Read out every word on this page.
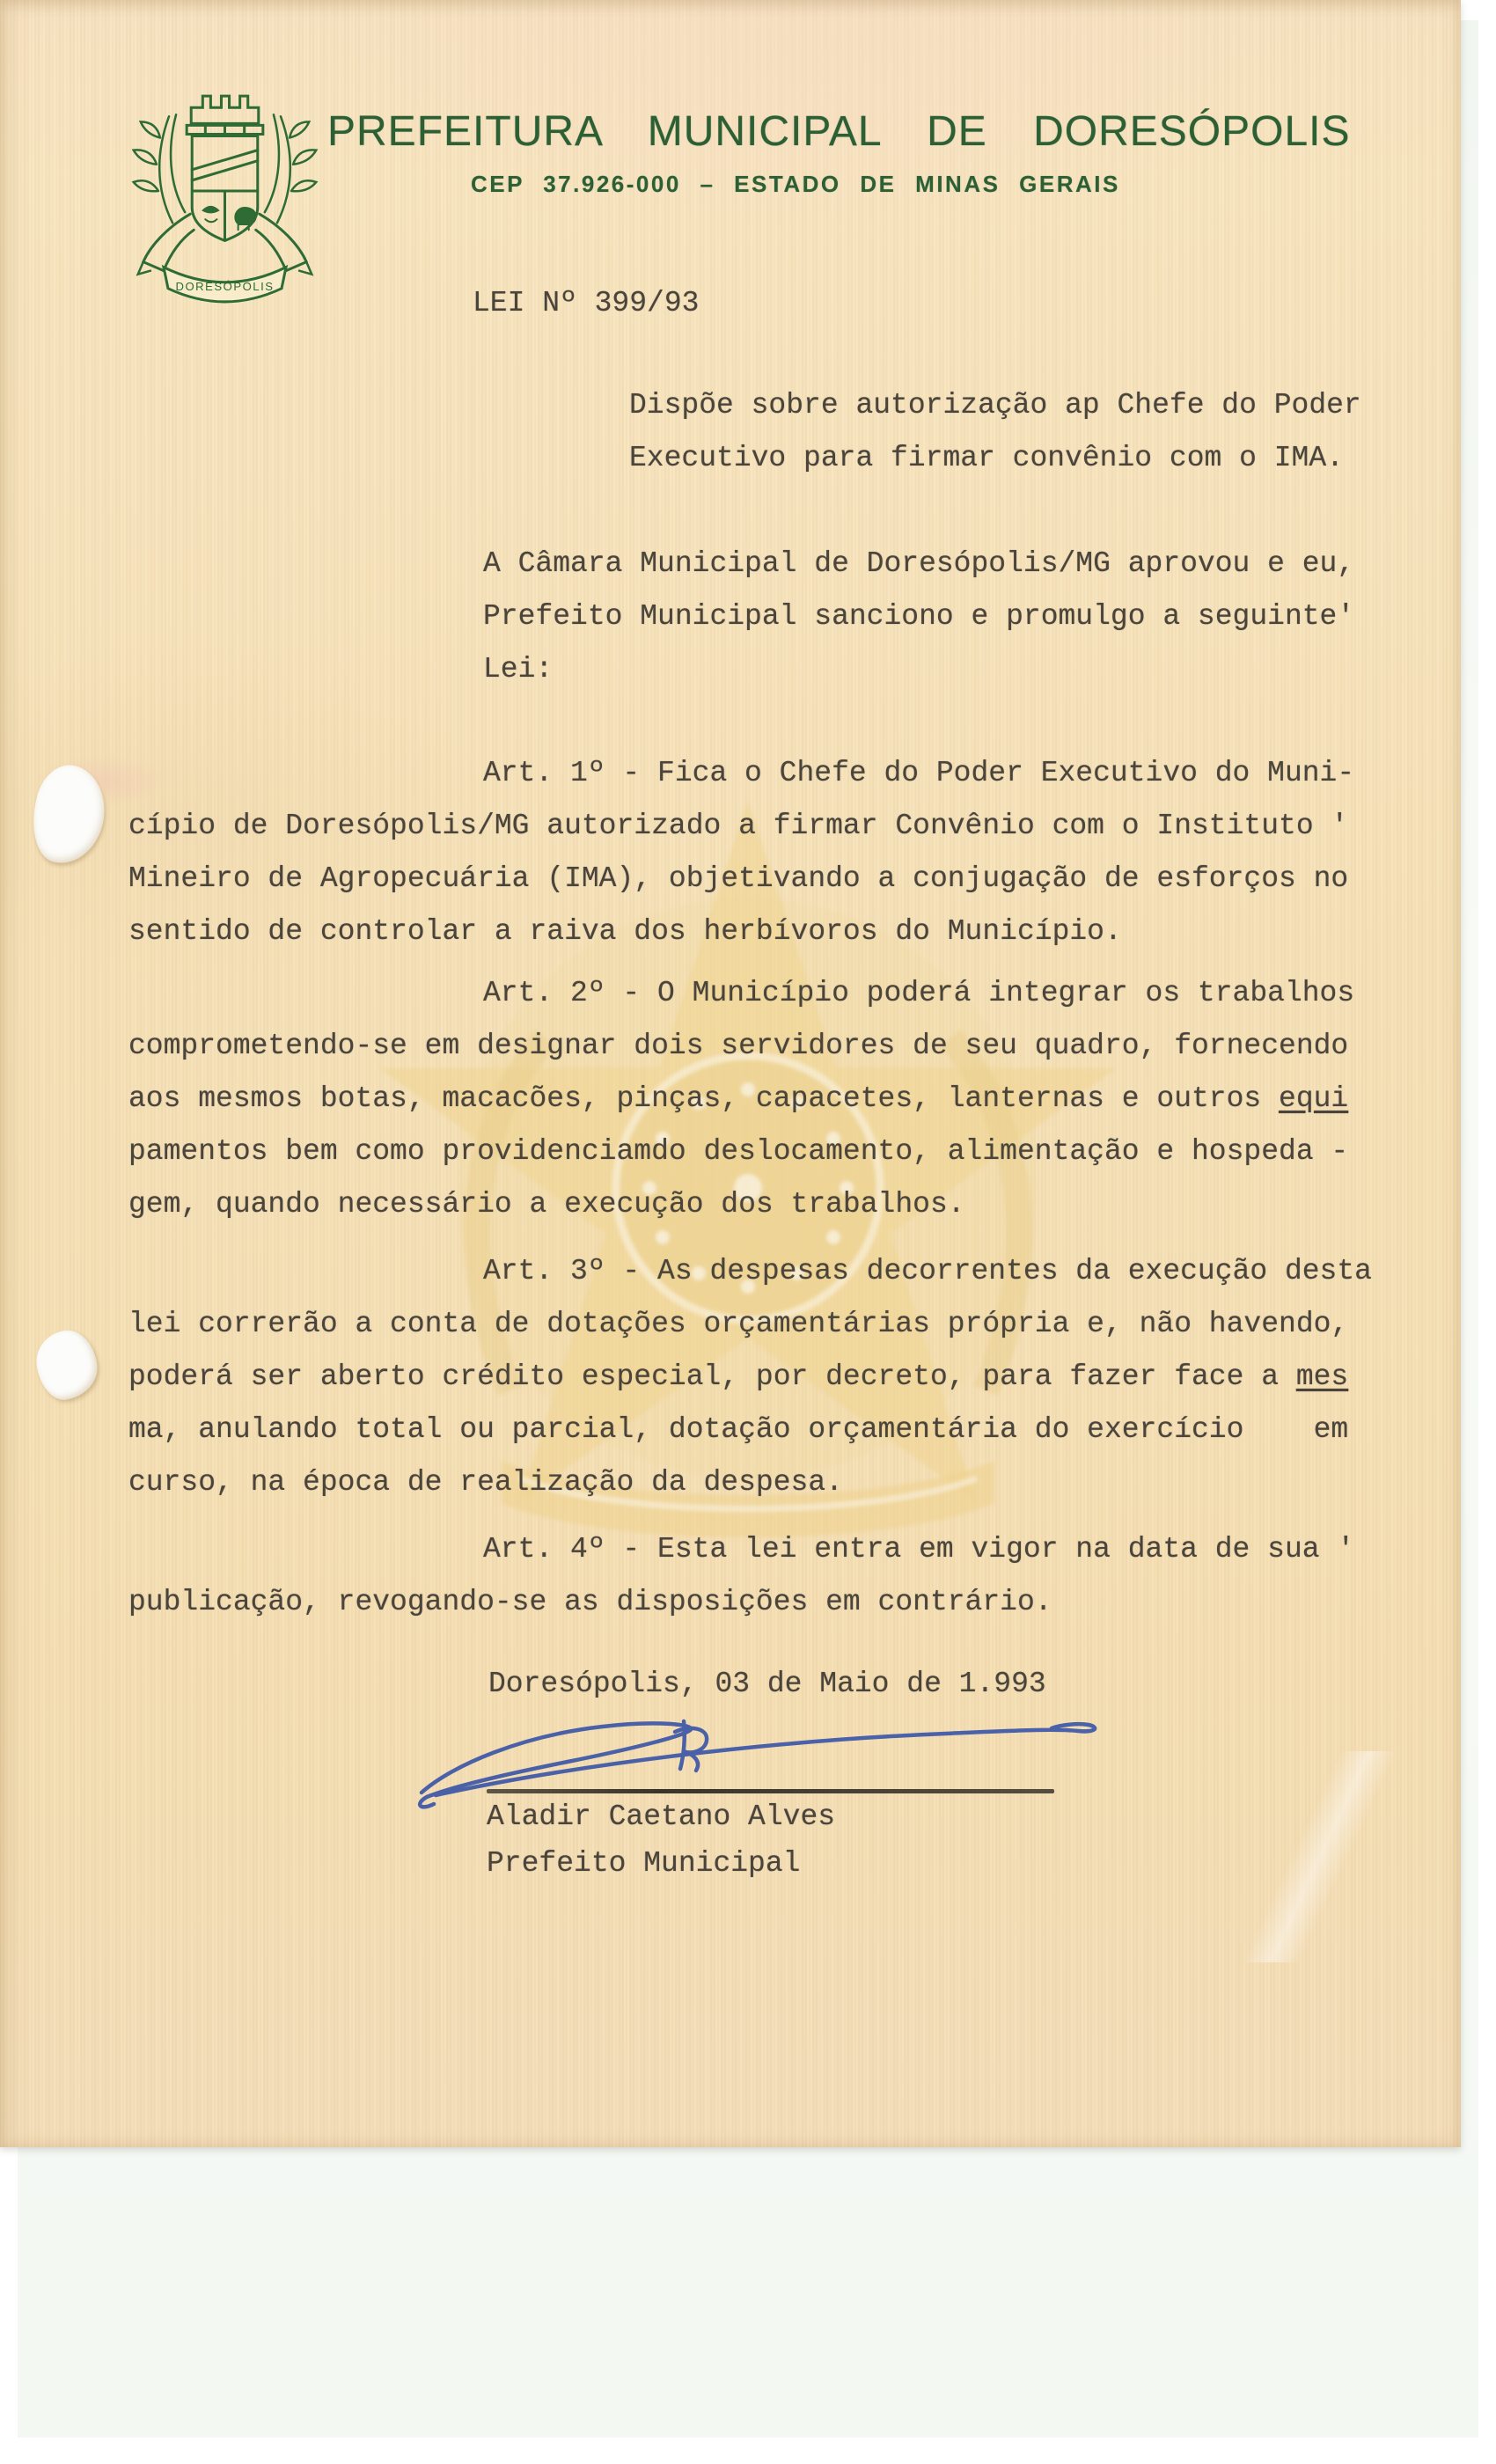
DORESÓPOLIS
PREFEITURA MUNICIPAL DE DORESÓPOLIS
CEP 37.926-000 – ESTADO DE MINAS GERAIS
LEI Nº 399/93
Dispõe sobre autorização ap Chefe do Poder
Executivo para firmar convênio com o IMA.
A Câmara Municipal de Doresópolis/MG aprovou e eu,
Prefeito Municipal sanciono e promulgo a seguinte'
Lei:
Art. 1º - Fica o Chefe do Poder Executivo do Muni-
cípio de Doresópolis/MG autorizado a firmar Convênio com o Instituto '
Mineiro de Agropecuária (IMA), objetivando a conjugação de esforços no
sentido de controlar a raiva dos herbívoros do Município.
Art. 2º - O Município poderá integrar os trabalhos
comprometendo-se em designar dois servidores de seu quadro, fornecendo
aos mesmos botas, macacões, pinças, capacetes, lanternas e outros equi
pamentos bem como providenciamdo deslocamento, alimentação e hospeda -
gem, quando necessário a execução dos trabalhos.
Art. 3º - As despesas decorrentes da execução desta
lei correrão a conta de dotações orçamentárias própria e, não havendo,
poderá ser aberto crédito especial, por decreto, para fazer face a mes
ma, anulando total ou parcial, dotação orçamentária do exercício    em
curso, na época de realização da despesa.
Art. 4º - Esta lei entra em vigor na data de sua '
publicação, revogando-se as disposições em contrário.
Doresópolis, 03 de Maio de 1.993
Aladir Caetano Alves
Prefeito Municipal
